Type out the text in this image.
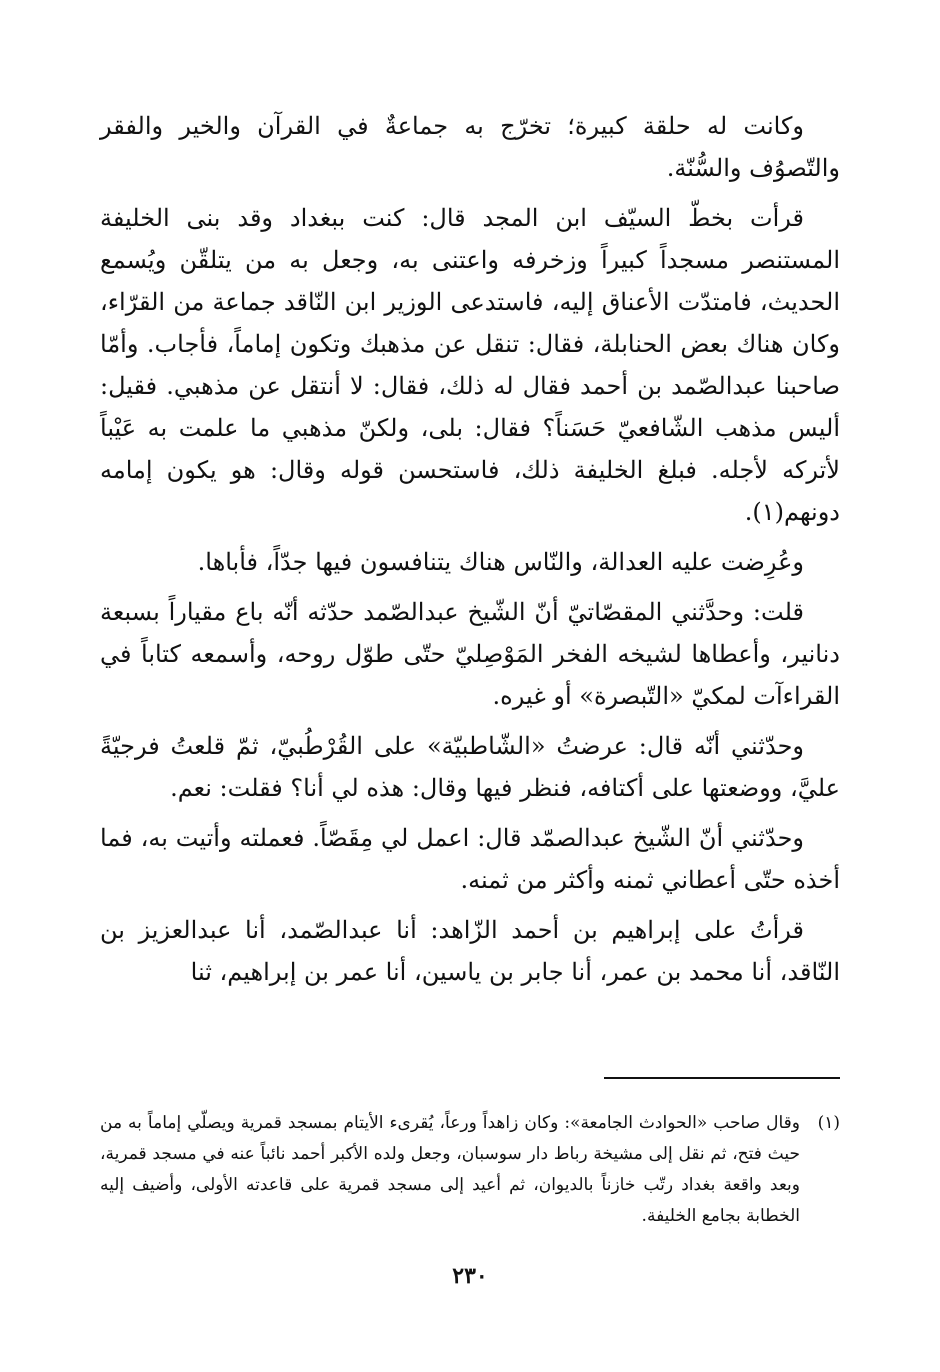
وكانت له حلقة كبيرة؛ تخرّج به جماعةٌ في القرآن والخير والفقر والتّصوُف والسُّنّة.

قرأت بخطّ السيّف ابن المجد قال: كنت ببغداد وقد بنى الخليفة المستنصر مسجداً كبيراً وزخرفه واعتنى به، وجعل به من يتلقّن ويُسمع الحديث، فامتدّت الأعناق إليه، فاستدعى الوزير ابن النّاقد جماعة من القرّاء، وكان هناك بعض الحنابلة، فقال: تنقل عن مذهبك وتكون إماماً، فأجاب. وأمّا صاحبنا عبدالصّمد بن أحمد فقال له ذلك، فقال: لا أنتقل عن مذهبي. فقيل: أليس مذهب الشّافعيّ حَسَناً؟ فقال: بلى، ولكنّ مذهبي ما علمت به عَيْباً لأتركه لأجله. فبلغ الخليفة ذلك، فاستحسن قوله وقال: هو يكون إمامه دونهم(١).

وعُرِضت عليه العدالة، والنّاس هناك يتنافسون فيها جدّاً، فأباها.

قلت: وحدَّثني المقصّاتيّ أنّ الشّيخ عبدالصّمد حدّثه أنّه باع مقياراً بسبعة دنانير، وأعطاها لشيخه الفخر المَوْصِليّ حتّى طوّل روحه، وأسمعه كتاباً في القراءآت لمكيّ «التّبصرة» أو غيره.

وحدّثني أنّه قال: عرضتُ «الشّاطبيّة» على القُرْطُبيّ، ثمّ قلعتُ فرجيّةً عليَّ، ووضعتها على أكتافه، فنظر فيها وقال: هذه لي أنا؟ فقلت: نعم.

وحدّثني أنّ الشّيخ عبدالصمّد قال: اعمل لي مِقَصّاً. فعملته وأتيت به، فما أخذه حتّى أعطاني ثمنه وأكثر من ثمنه.

قرأتُ على إبراهيم بن أحمد الزّاهد: أنا عبدالصّمد، أنا عبدالعزيز بن النّاقد، أنا محمد بن عمر، أنا جابر بن ياسين، أنا عمر بن إبراهيم، ثنا

(١)
وقال صاحب «الحوادث الجامعة»: وكان زاهداً ورعاً، يُقرىء الأيتام بمسجد قمرية ويصلّي إماماً به من حيث فتح، ثم نقل إلى مشيخة رباط دار سوسبان، وجعل ولده الأكبر أحمد نائباً عنه في مسجد قمرية، وبعد واقعة بغداد رتّب خازناً بالديوان، ثم أعيد إلى مسجد قمرية على قاعدته الأولى، وأضيف إليه الخطابة بجامع الخليفة.
٢٣٠
